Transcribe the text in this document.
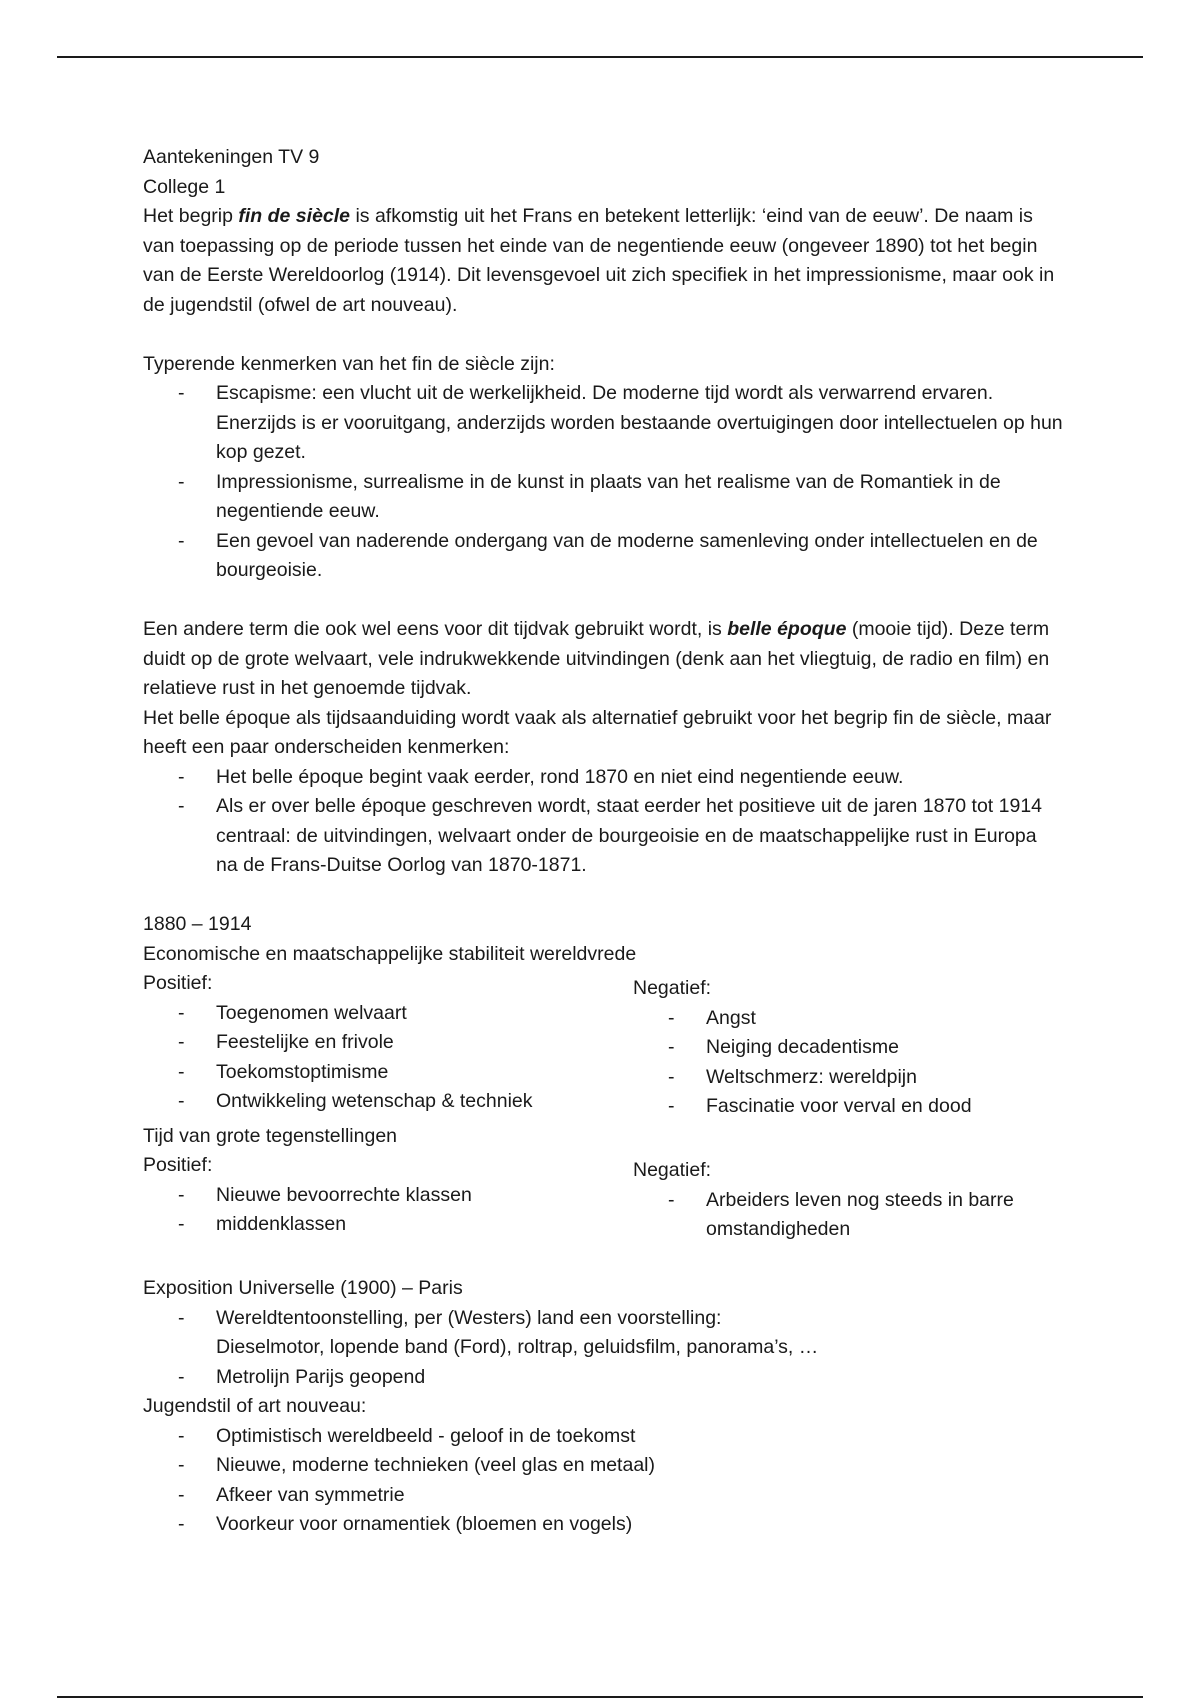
Aantekeningen TV 9
College 1
Het begrip fin de siècle is afkomstig uit het Frans en betekent letterlijk: ‘eind van de eeuw’. De naam is van toepassing op de periode tussen het einde van de negentiende eeuw (ongeveer 1890) tot het begin van de Eerste Wereldoorlog (1914). Dit levensgevoel uit zich specifiek in het impressionisme, maar ook in de jugendstil (ofwel de art nouveau).
Typerende kenmerken van het fin de siècle zijn:
- Escapisme: een vlucht uit de werkelijkheid. De moderne tijd wordt als verwarrend ervaren. Enerzijds is er vooruitgang, anderzijds worden bestaande overtuigingen door intellectuelen op hun kop gezet.
- Impressionisme, surrealisme in de kunst in plaats van het realisme van de Romantiek in de negentiende eeuw.
- Een gevoel van naderende ondergang van de moderne samenleving onder intellectuelen en de bourgeoisie.
Een andere term die ook wel eens voor dit tijdvak gebruikt wordt, is belle époque (mooie tijd). Deze term duidt op de grote welvaart, vele indrukwekkende uitvindingen (denk aan het vliegtuig, de radio en film) en relatieve rust in het genoemde tijdvak.
Het belle époque als tijdsaanduiding wordt vaak als alternatief gebruikt voor het begrip fin de siècle, maar heeft een paar onderscheiden kenmerken:
- Het belle époque begint vaak eerder, rond 1870 en niet eind negentiende eeuw.
- Als er over belle époque geschreven wordt, staat eerder het positieve uit de jaren 1870 tot 1914 centraal: de uitvindingen, welvaart onder de bourgeoisie en de maatschappelijke rust in Europa na de Frans-Duitse Oorlog van 1870-1871.
1880 – 1914
Economische en maatschappelijke stabiliteit wereldvrede
Positief:
- Toegenomen welvaart
- Feestelijke en frivole
- Toekomstoptimisme
- Ontwikkeling wetenschap & techniek
Negatief:
- Angst
- Neiging decadentisme
- Weltschmerz: wereldpijn
- Fascinatie voor verval en dood
Tijd van grote tegenstellingen
Positief:
- Nieuwe bevoorrechte klassen
- middenklassen
Negatief:
- Arbeiders leven nog steeds in barre omstandigheden
Exposition Universelle (1900) – Paris
- Wereldtentoonstelling, per (Westers) land een voorstelling:
Dieselmotor, lopende band (Ford), roltrap, geluidsfilm, panorama’s, …
- Metrolijn Parijs geopend
Jugendstil of art nouveau:
- Optimistisch wereldbeeld - geloof in de toekomst
- Nieuwe, moderne technieken (veel glas en metaal)
- Afkeer van symmetrie
- Voorkeur voor ornamentiek (bloemen en vogels)
